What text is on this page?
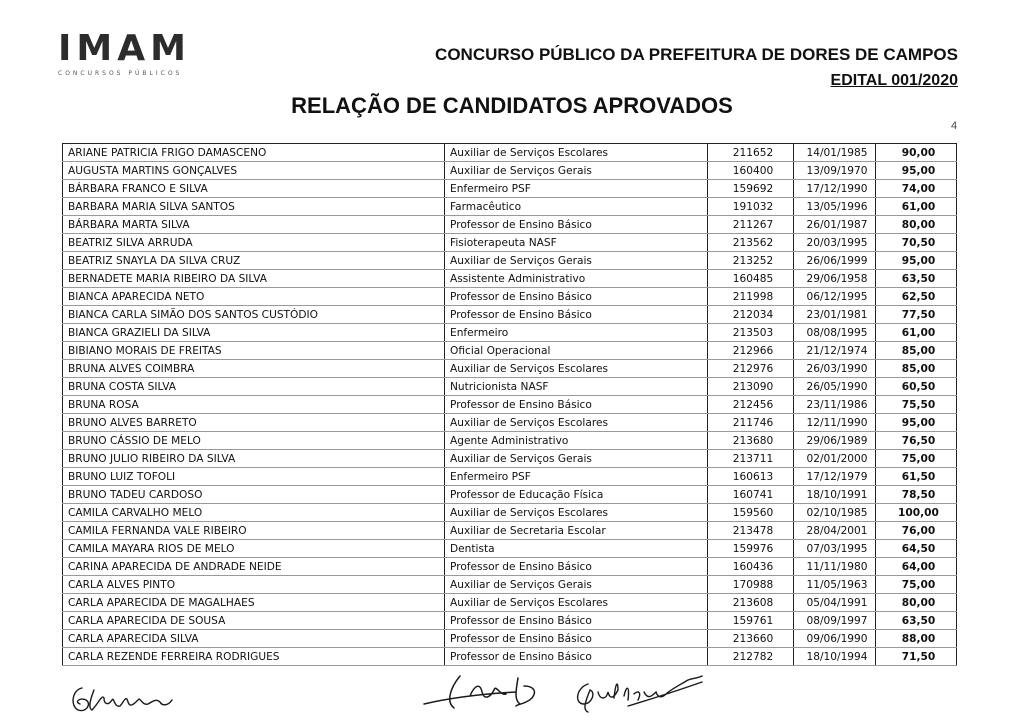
IMAM
CONCURSOS PÚBLICOS
CONCURSO PÚBLICO DA PREFEITURA DE DORES DE CAMPOS
EDITAL 001/2020
RELAÇÃO DE CANDIDATOS APROVADOS
4
ARIANE PATRICIA FRIGO DAMASCENO	Auxiliar de Serviços Escolares	211652	14/01/1985	90,00
AUGUSTA MARTINS GONÇALVES	Auxiliar de Serviços Gerais	160400	13/09/1970	95,00
BÁRBARA FRANCO E SILVA	Enfermeiro PSF	159692	17/12/1990	74,00
BARBARA MARIA SILVA SANTOS	Farmacêutico	191032	13/05/1996	61,00
BÁRBARA MARTA SILVA	Professor de Ensino Básico	211267	26/01/1987	80,00
BEATRIZ SILVA ARRUDA	Fisioterapeuta NASF	213562	20/03/1995	70,50
BEATRIZ SNAYLA DA SILVA CRUZ	Auxiliar de Serviços Gerais	213252	26/06/1999	95,00
BERNADETE MARIA RIBEIRO DA SILVA	Assistente Administrativo	160485	29/06/1958	63,50
BIANCA APARECIDA NETO	Professor de Ensino Básico	211998	06/12/1995	62,50
BIANCA CARLA SIMÃO DOS SANTOS CUSTÓDIO	Professor de Ensino Básico	212034	23/01/1981	77,50
BIANCA GRAZIELI DA SILVA	Enfermeiro	213503	08/08/1995	61,00
BIBIANO MORAIS DE FREITAS	Oficial Operacional	212966	21/12/1974	85,00
BRUNA ALVES COIMBRA	Auxiliar de Serviços Escolares	212976	26/03/1990	85,00
BRUNA COSTA SILVA	Nutricionista NASF	213090	26/05/1990	60,50
BRUNA ROSA	Professor de Ensino Básico	212456	23/11/1986	75,50
BRUNO ALVES BARRETO	Auxiliar de Serviços Escolares	211746	12/11/1990	95,00
BRUNO CÁSSIO DE MELO	Agente Administrativo	213680	29/06/1989	76,50
BRUNO JULIO RIBEIRO DA SILVA	Auxiliar de Serviços Gerais	213711	02/01/2000	75,00
BRUNO LUIZ TOFOLI	Enfermeiro PSF	160613	17/12/1979	61,50
BRUNO TADEU CARDOSO	Professor de Educação Física	160741	18/10/1991	78,50
CAMILA CARVALHO MELO	Auxiliar de Serviços Escolares	159560	02/10/1985	100,00
CAMILA FERNANDA VALE RIBEIRO	Auxiliar de Secretaria Escolar	213478	28/04/2001	76,00
CAMILA MAYARA RIOS DE MELO	Dentista	159976	07/03/1995	64,50
CARINA APARECIDA DE ANDRADE NEIDE	Professor de Ensino Básico	160436	11/11/1980	64,00
CARLA ALVES PINTO	Auxiliar de Serviços Gerais	170988	11/05/1963	75,00
CARLA APARECIDA DE MAGALHAES	Auxiliar de Serviços Escolares	213608	05/04/1991	80,00
CARLA APARECIDA DE SOUSA	Professor de Ensino Básico	159761	08/09/1997	63,50
CARLA APARECIDA SILVA	Professor de Ensino Básico	213660	09/06/1990	88,00
CARLA REZENDE FERREIRA RODRIGUES	Professor de Ensino Básico	212782	18/10/1994	71,50
